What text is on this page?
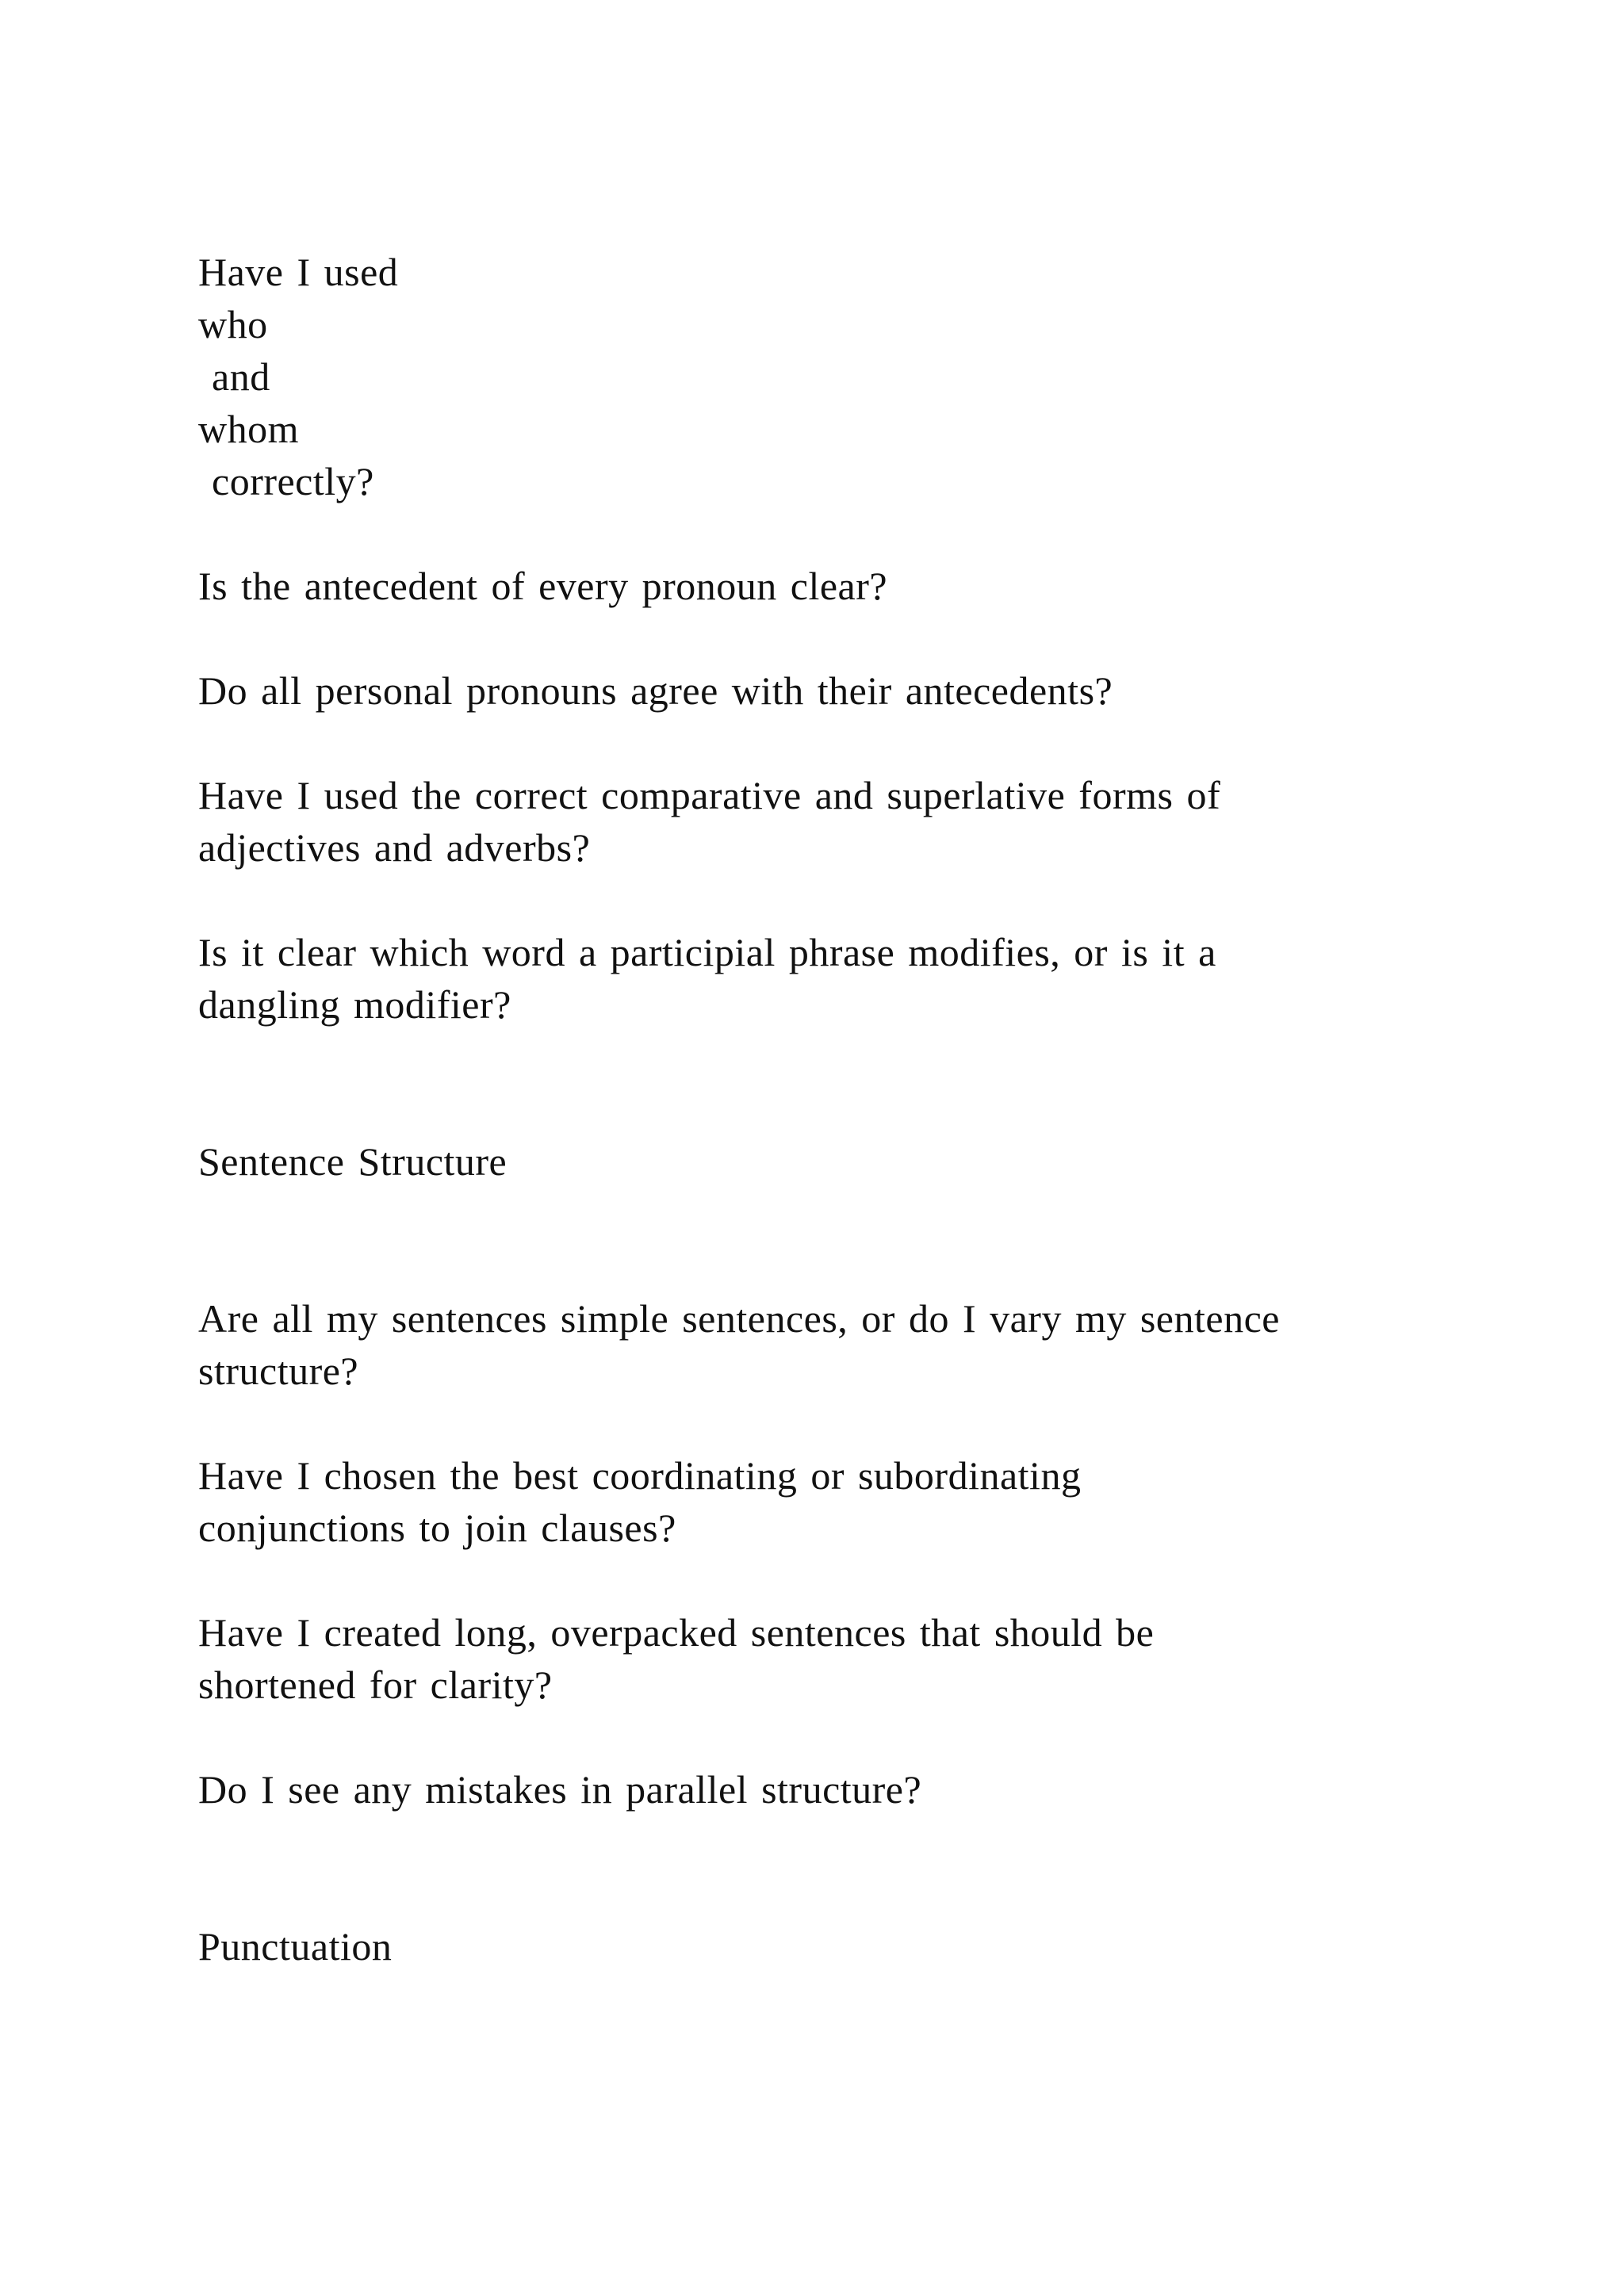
Have I used
who
and
whom
correctly?

Is the antecedent of every pronoun clear?

Do all personal pronouns agree with their antecedents?

Have I used the correct comparative and superlative forms of
adjectives and adverbs?

Is it clear which word a participial phrase modifies, or is it a
dangling modifier?

Sentence Structure

Are all my sentences simple sentences, or do I vary my sentence
structure?

Have I chosen the best coordinating or subordinating
conjunctions to join clauses?

Have I created long, overpacked sentences that should be
shortened for clarity?

Do I see any mistakes in parallel structure?

Punctuation
